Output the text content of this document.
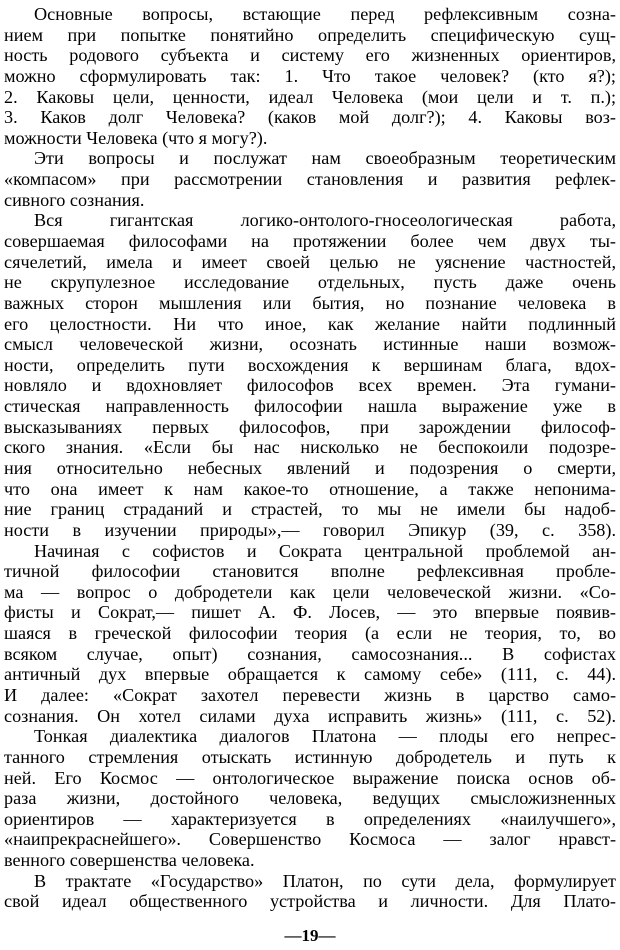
Основные вопросы, встающие перед рефлексивным созна-
нием при попытке понятийно определить специфическую сущ-
ность родового субъекта и систему его жизненных ориентиров,
можно сформулировать так: 1. Что такое человек? (кто я?);
2. Каковы цели, ценности, идеал Человека (мои цели и т. п.);
3. Каков долг Человека? (каков мой долг?); 4. Каковы воз-
можности Человека (что я могу?).
Эти вопросы и послужат нам своеобразным теоретическим
«компасом» при рассмотрении становления и развития рефлек-
сивного сознания.
Вся гигантская логико-онтолого-гносеологическая работа,
совершаемая философами на протяжении более чем двух ты-
сячелетий, имела и имеет своей целью не уяснение частностей,
не скрупулезное исследование отдельных, пусть даже очень
важных сторон мышления или бытия, но познание человека в
его целостности. Ни что иное, как желание найти подлинный
смысл человеческой жизни, осознать истинные наши возмож-
ности, определить пути восхождения к вершинам блага, вдох-
новляло и вдохновляет философов всех времен. Эта гумани-
стическая направленность философии нашла выражение уже в
высказываниях первых философов, при зарождении философ-
ского знания. «Если бы нас нисколько не беспокоили подозре-
ния относительно небесных явлений и подозрения о смерти,
что она имеет к нам какое-то отношение, а также непонима-
ние границ страданий и страстей, то мы не имели бы надоб-
ности в изучении природы»,— говорил Эпикур (39, с. 358).
Начиная с софистов и Сократа центральной проблемой ан-
тичной философии становится вполне рефлексивная пробле-
ма — вопрос о добродетели как цели человеческой жизни. «Со-
фисты и Сократ,— пишет А. Ф. Лосев, — это впервые появив-
шаяся в греческой философии теория (а если не теория, то, во
всяком случае, опыт) сознания, самосознания... В софистах
античный дух впервые обращается к самому себе» (111, с. 44).
И далее: «Сократ захотел перевести жизнь в царство само-
сознания. Он хотел силами духа исправить жизнь» (111, с. 52).
Тонкая диалектика диалогов Платона — плоды его непрес-
танного стремления отыскать истинную добродетель и путь к
ней. Его Космос — онтологическое выражение поиска основ об-
раза жизни, достойного человека, ведущих смысложизненных
ориентиров — характеризуется в определениях «наилучшего»,
«наипрекраснейшего». Совершенство Космоса — залог нравст-
венного совершенства человека.
В трактате «Государство» Платон, по сути дела, формулирует
свой идеал общественного устройства и личности. Для Плато-
—19—
